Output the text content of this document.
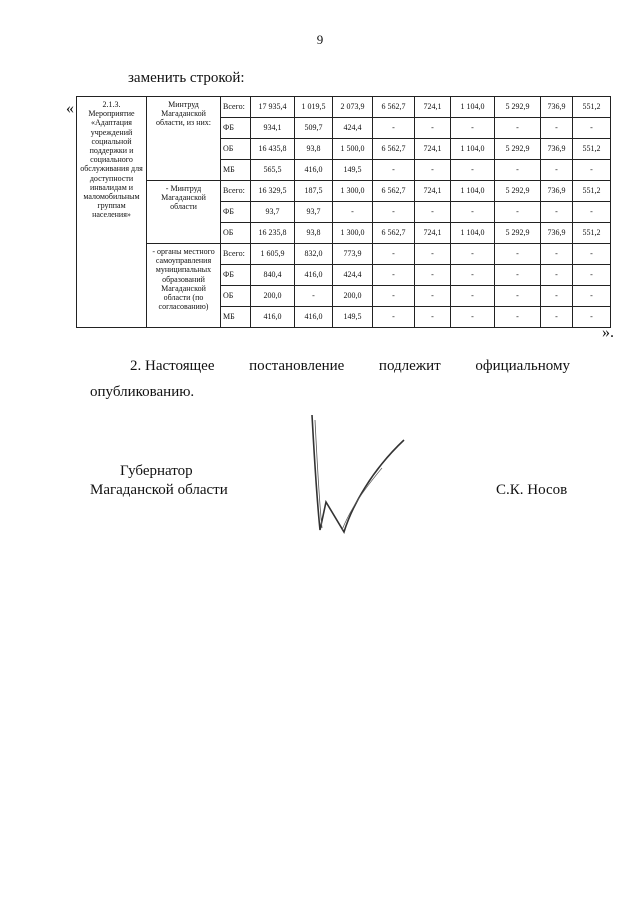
9
заменить строкой:
«	2.1.3. Мероприятие «Адаптация учреждений социальной поддержки и социального обслуживания для доступности инвалидам и маломобильным группам населения»	Минтруд Магаданской области, из них:	Всего:	17 935,4	1 019,5	2 073,9	6 562,7	724,1	1 104,0	5 292,9	736,9	551,2
		ФБ	934,1	509,7	424,4	-	-	-	-	-	-
		ОБ	16 435,8	93,8	1 500,0	6 562,7	724,1	1 104,0	5 292,9	736,9	551,2
		МБ	565,5	416,0	149,5	-	-	-	-	-	-
	- Минтруд Магаданской области	Всего:	16 329,5	187,5	1 300,0	6 562,7	724,1	1 104,0	5 292,9	736,9	551,2
		ФБ	93,7	93,7	-	-	-	-	-	-	-
		ОБ	16 235,8	93,8	1 300,0	6 562,7	724,1	1 104,0	5 292,9	736,9	551,2
	- органы местного самоуправления муниципальных образований Магаданской области (по согласованию)	Всего:	1 605,9	832,0	773,9	-	-	-	-	-	-
		ФБ	840,4	416,0	424,4	-	-	-	-	-	-
		ОБ	200,0	-	200,0	-	-	-	-	-	-
		МБ	416,0	416,0	149,5	-	-	-	-	-	-
».
2. Настоящее постановление подлежит официальному
опубликованию.
Губернатор
Магаданской области	С.К. Носов
